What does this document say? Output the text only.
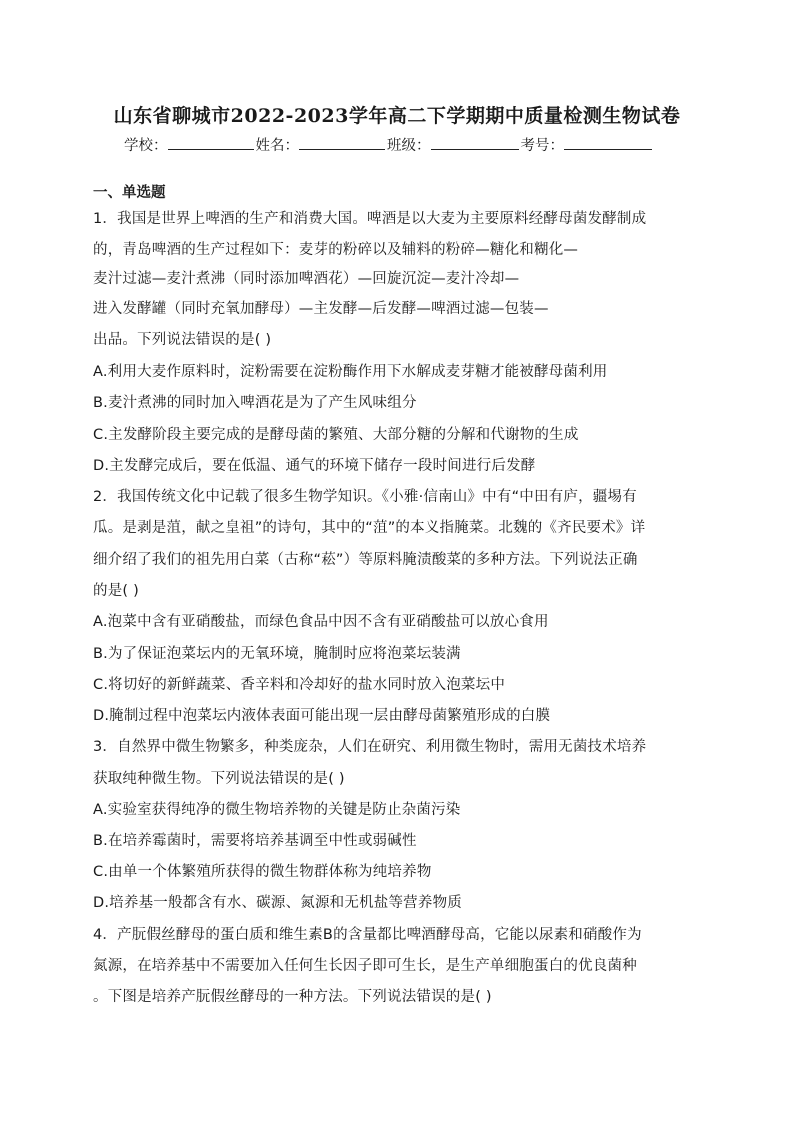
山东省聊城市2022-2023学年高二下学期期中质量检测生物试卷
学校：	姓名：	班级：	考号：
一、单选题
1．我国是世界上啤酒的生产和消费大国。啤酒是以大麦为主要原料经酵母菌发酵制成
的，青岛啤酒的生产过程如下：麦芽的粉碎以及辅料的粉碎—糖化和糊化—
麦汁过滤—麦汁煮沸（同时添加啤酒花）—回旋沉淀—麦汁冷却—
进入发酵罐（同时充氧加酵母）—主发酵—后发酵—啤酒过滤—包装—
出品。下列说法错误的是( )
A.利用大麦作原料时，淀粉需要在淀粉酶作用下水解成麦芽糖才能被酵母菌利用
B.麦汁煮沸的同时加入啤酒花是为了产生风味组分
C.主发酵阶段主要完成的是酵母菌的繁殖、大部分糖的分解和代谢物的生成
D.主发酵完成后，要在低温、通气的环境下储存一段时间进行后发酵
2．我国传统文化中记载了很多生物学知识。《小雅·信南山》中有“中田有庐，疆埸有
瓜。是剥是菹，献之皇祖”的诗句，其中的“菹”的本义指腌菜。北魏的《齐民要术》详
细介绍了我们的祖先用白菜（古称“菘”）等原料腌渍酸菜的多种方法。下列说法正确
的是( )
A.泡菜中含有亚硝酸盐，而绿色食品中因不含有亚硝酸盐可以放心食用
B.为了保证泡菜坛内的无氧环境，腌制时应将泡菜坛装满
C.将切好的新鲜蔬菜、香辛料和冷却好的盐水同时放入泡菜坛中
D.腌制过程中泡菜坛内液体表面可能出现一层由酵母菌繁殖形成的白膜
3．自然界中微生物繁多，种类庞杂，人们在研究、利用微生物时，需用无菌技术培养
获取纯种微生物。下列说法错误的是( )
A.实验室获得纯净的微生物培养物的关键是防止杂菌污染
B.在培养霉菌时，需要将培养基调至中性或弱碱性
C.由单一个体繁殖所获得的微生物群体称为纯培养物
D.培养基一般都含有水、碳源、氮源和无机盐等营养物质
4．产朊假丝酵母的蛋白质和维生素B的含量都比啤酒酵母高，它能以尿素和硝酸作为
氮源，在培养基中不需要加入任何生长因子即可生长，是生产单细胞蛋白的优良菌种
。下图是培养产朊假丝酵母的一种方法。下列说法错误的是( )
